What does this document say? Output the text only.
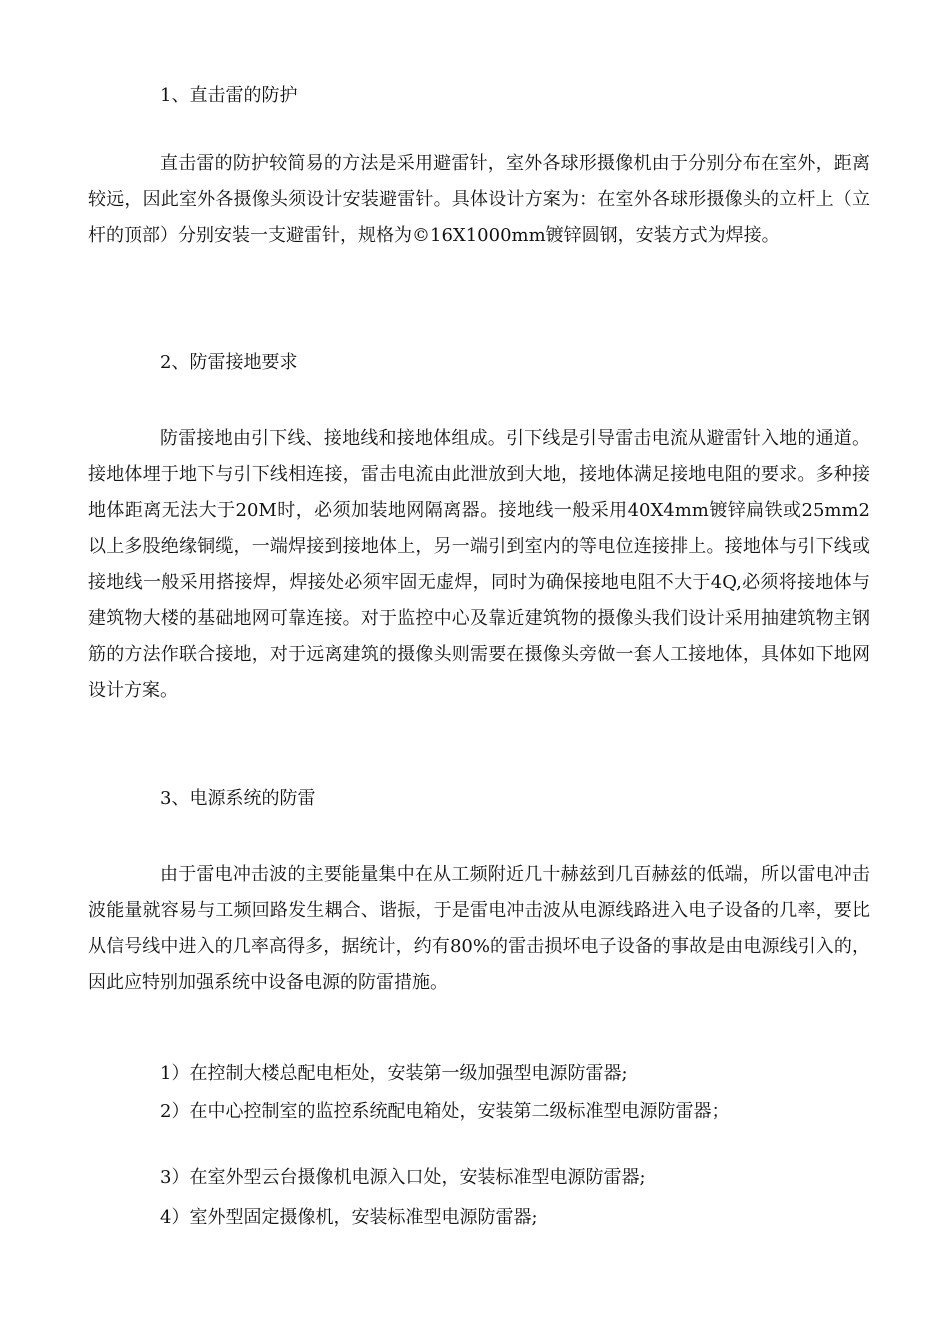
1、直击雷的防护

直击雷的防护较简易的方法是采用避雷针，室外各球形摄像机由于分别分布在室外，距离较远，因此室外各摄像头须设计安装避雷针。具体设计方案为：在室外各球形摄像头的立杆上（立杆的顶部）分别安装一支避雷针，规格为©16X1000mm镀锌圆钢，安装方式为焊接。

2、防雷接地要求

防雷接地由引下线、接地线和接地体组成。引下线是引导雷击电流从避雷针入地的通道。接地体埋于地下与引下线相连接，雷击电流由此泄放到大地，接地体满足接地电阻的要求。多种接地体距离无法大于20M时，必须加装地网隔离器。接地线一般采用40X4mm镀锌扁铁或25mm2以上多股绝缘铜缆，一端焊接到接地体上，另一端引到室内的等电位连接排上。接地体与引下线或接地线一般采用搭接焊，焊接处必须牢固无虚焊，同时为确保接地电阻不大于4Q,必须将接地体与建筑物大楼的基础地网可靠连接。对于监控中心及靠近建筑物的摄像头我们设计采用抽建筑物主钢筋的方法作联合接地，对于远离建筑的摄像头则需要在摄像头旁做一套人工接地体，具体如下地网设计方案。

3、电源系统的防雷

由于雷电冲击波的主要能量集中在从工频附近几十赫兹到几百赫兹的低端，所以雷电冲击波能量就容易与工频回路发生耦合、谐振，于是雷电冲击波从电源线路进入电子设备的几率，要比从信号线中进入的几率高得多，据统计，约有80%的雷击损坏电子设备的事故是由电源线引入的，因此应特别加强系统中设备电源的防雷措施。

1）在控制大楼总配电柜处，安装第一级加强型电源防雷器;
2）在中心控制室的监控系统配电箱处，安装第二级标准型电源防雷器；
3）在室外型云台摄像机电源入口处，安装标准型电源防雷器;
4）室外型固定摄像机，安装标准型电源防雷器;
